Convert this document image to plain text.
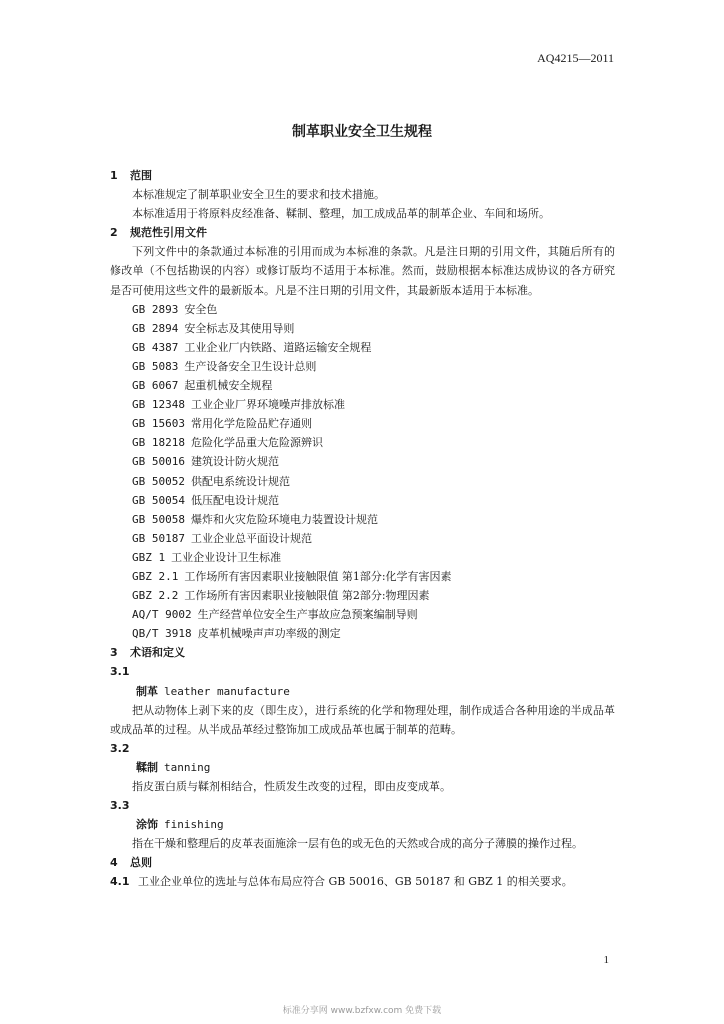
AQ4215—2011
制革职业安全卫生规程
1 范围
本标准规定了制革职业安全卫生的要求和技术措施。
本标准适用于将原料皮经准备、鞣制、整理，加工成成品革的制革企业、车间和场所。
2 规范性引用文件

下列文件中的条款通过本标准的引用而成为本标准的条款。凡是注日期的引用文件，其随后所有的修改单（不包括勘误的内容）或修订版均不适用于本标准。然而，鼓励根据本标准达成协议的各方研究是否可使用这些文件的最新版本。凡是不注日期的引用文件，其最新版本适用于本标准。

GB 2893 安全色
GB 2894 安全标志及其使用导则
GB 4387 工业企业厂内铁路、道路运输安全规程
GB 5083 生产设备安全卫生设计总则
GB 6067 起重机械安全规程
GB 12348 工业企业厂界环境噪声排放标准
GB 15603 常用化学危险品贮存通则
GB 18218 危险化学品重大危险源辨识
GB 50016 建筑设计防火规范
GB 50052 供配电系统设计规范
GB 50054 低压配电设计规范
GB 50058 爆炸和火灾危险环境电力装置设计规范
GB 50187 工业企业总平面设计规范
GBZ 1 工业企业设计卫生标准
GBZ 2.1 工作场所有害因素职业接触限值 第1部分:化学有害因素
GBZ 2.2 工作场所有害因素职业接触限值 第2部分:物理因素
AQ/T 9002 生产经营单位安全生产事故应急预案编制导则
QB/T 3918 皮革机械噪声声功率级的测定
3 术语和定义
3.1
制革 leather manufacture

把从动物体上剥下来的皮（即生皮），进行系统的化学和物理处理，制作成适合各种用途的半成品革或成品革的过程。从半成品革经过整饰加工成成品革也属于制革的范畴。

3.2
鞣制 tanning

指皮蛋白质与鞣剂相结合，性质发生改变的过程，即由皮变成革。

3.3
涂饰 finishing

指在干燥和整理后的皮革表面施涂一层有色的或无色的天然或合成的高分子薄膜的操作过程。

4 总则
4.1 工业企业单位的选址与总体布局应符合 GB 50016、GB 50187 和 GBZ 1 的相关要求。
1
标准分享网 www.bzfxw.com 免费下载
